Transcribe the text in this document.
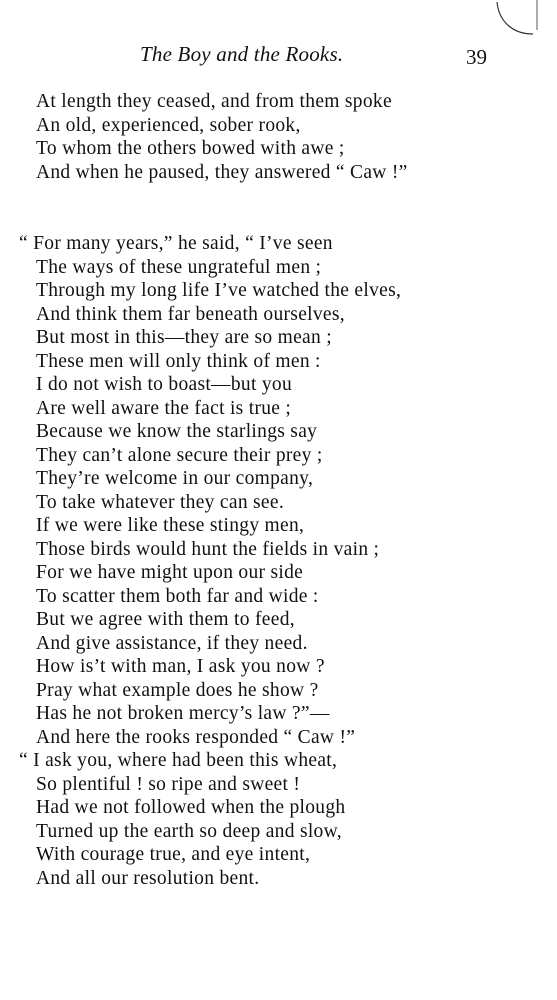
The Boy and the Rooks.	39
At length they ceased, and from them spoke
An old, experienced, sober rook,
To whom the others bowed with awe ;
And when he paused, they answered “ Caw !”
“ For many years,” he said, “ I’ve seen
The ways of these ungrateful men ;
Through my long life I’ve watched the elves,
And think them far beneath ourselves,
But most in this—they are so mean ;
These men will only think of men :
I do not wish to boast—but you
Are well aware the fact is true ;
Because we know the starlings say
They can’t alone secure their prey ;
They’re welcome in our company,
To take whatever they can see.
If we were like these stingy men,
Those birds would hunt the fields in vain ;
For we have might upon our side
To scatter them both far and wide :
But we agree with them to feed,
And give assistance, if they need.
How is’t with man, I ask you now ?
Pray what example does he show ?
Has he not broken mercy’s law ?”—
And here the rooks responded “ Caw !”
“ I ask you, where had been this wheat,
So plentiful ! so ripe and sweet !
Had we not followed when the plough
Turned up the earth so deep and slow,
With courage true, and eye intent,
And all our resolution bent.
